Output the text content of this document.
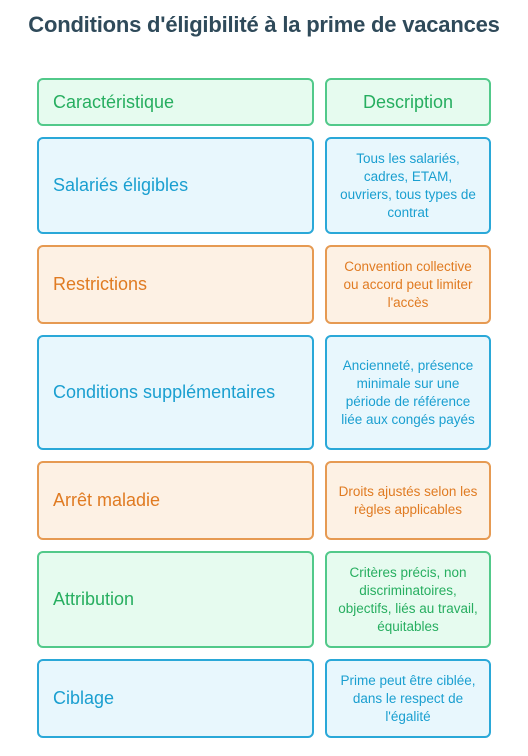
Conditions d'éligibilité à la prime de vacances
Caractéristique	Description
Salariés éligibles
Tous les salariés, cadres, ETAM, ouvriers, tous types de contrat
Restrictions
Convention collective ou accord peut limiter l'accès
Conditions supplémentaires
Ancienneté, présence minimale sur une période de référence liée aux congés payés
Arrêt maladie	Droits ajustés selon les règles applicables
Attribution
Critères précis, non discriminatoires, objectifs, liés au travail, équitables
Ciblage
Prime peut être ciblée, dans le respect de l'égalité
